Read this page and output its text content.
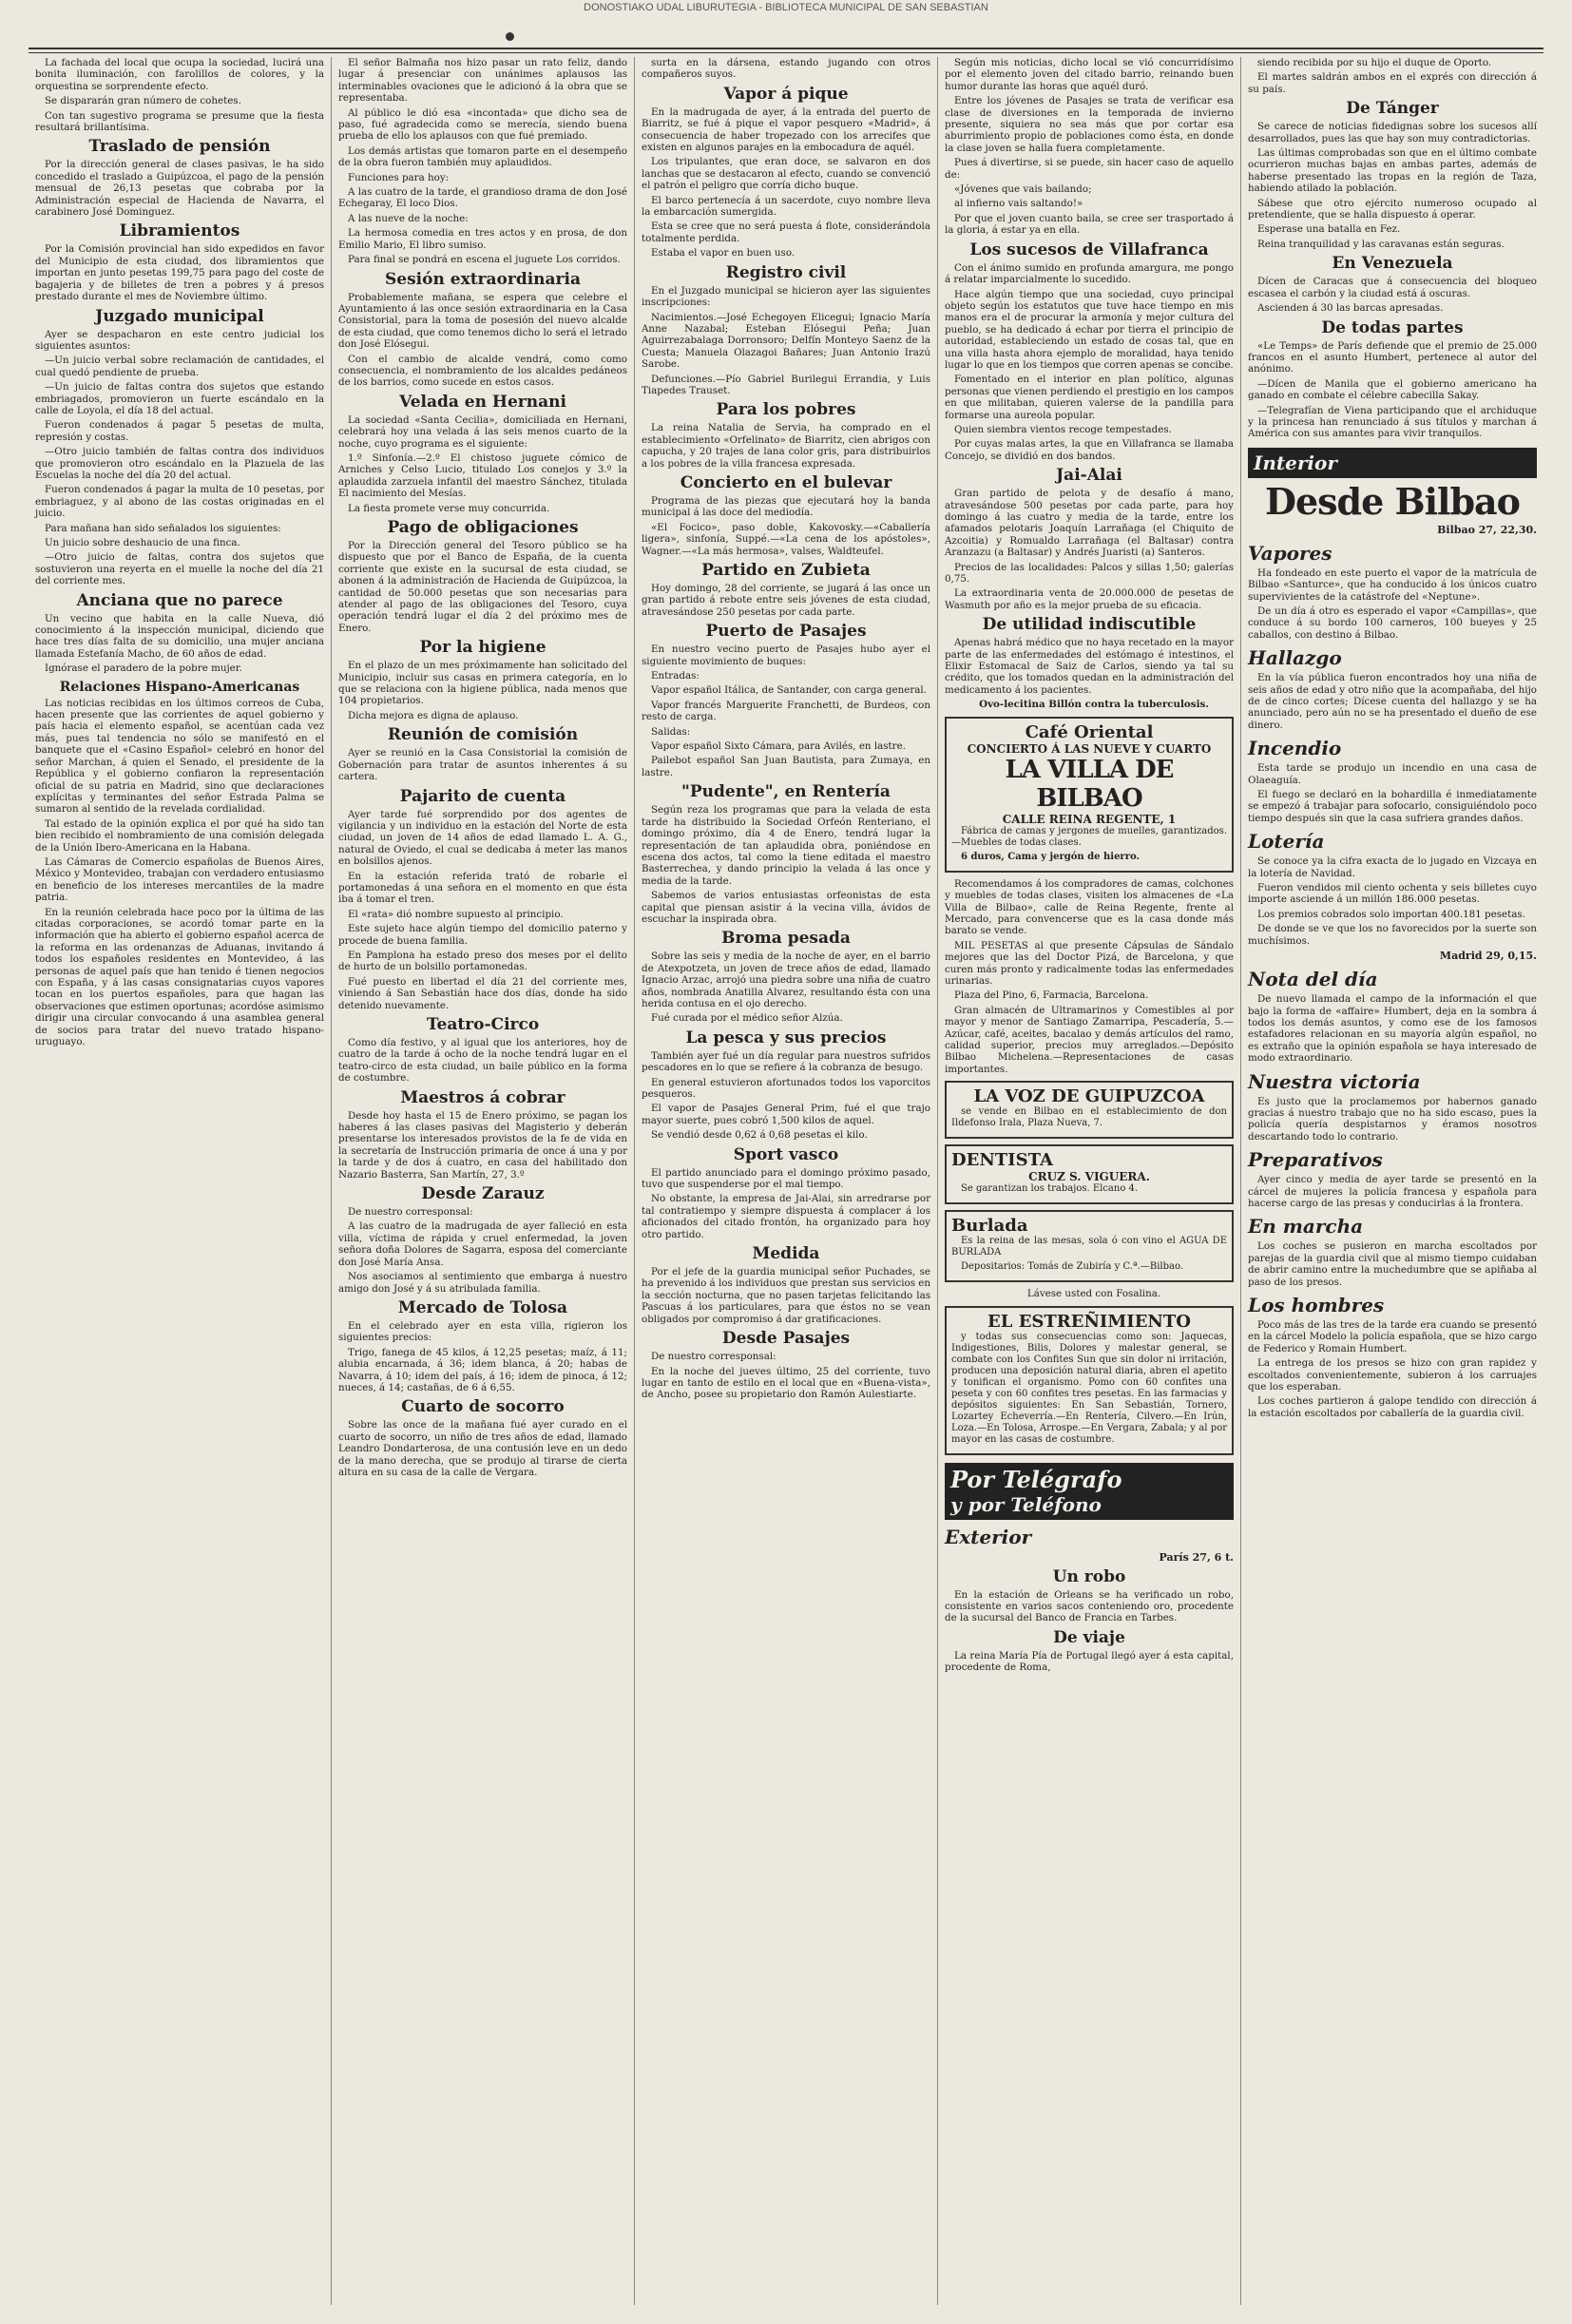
DONOSTIAKO UDAL LIBURUTEGIA - BIBLIOTECA MUNICIPAL DE SAN SEBASTIAN

La fachada del local que ocupa la sociedad, lucirá una bonita iluminación, con farolillos de colores, y la orquestina se sorprendente efecto.

Se dispararán gran número de cohetes.

Con tan sugestivo programa se presume que la fiesta resultará brillantísima.

Traslado de pensión

Por la dirección general de clases pasivas, le ha sido concedido el traslado a Guipúzcoa, el pago de la pensión mensual de 26,13 pesetas que cobraba por la Administración especial de Hacienda de Navarra, el carabinero José Dominguez.

Libramientos

Por la Comisión provincial han sido expedidos en favor del Municipio de esta ciudad, dos libramientos que importan en junto pesetas 199,75 para pago del coste de bagajeria y de billetes de tren a pobres y á presos prestado durante el mes de Noviembre último.

Juzgado municipal

Ayer se despacharon en este centro judicial los siguientes asuntos:

—Un juicio verbal sobre reclamación de cantidades, el cual quedó pendiente de prueba.

—Un juicio de faltas contra dos sujetos que estando embriagados, promovieron un fuerte escándalo en la calle de Loyola, el día 18 del actual.

Fueron condenados á pagar 5 pesetas de multa, represión y costas.

—Otro juicio también de faltas contra dos individuos que promovieron otro escándalo en la Plazuela de las Escuelas la noche del día 20 del actual.

Fueron condenados á pagar la multa de 10 pesetas, por embriaguez, y al abono de las costas originadas en el juicio.

Para mañana han sido señalados los siguientes:

Un juicio sobre deshaucio de una finca.

—Otro juicio de faltas, contra dos sujetos que sostuvieron una reyerta en el muelle la noche del día 21 del corriente mes.

Anciana que no parece

Un vecino que habita en la calle Nueva, dió conocimiento á la inspección municipal, diciendo que hace tres días falta de su domicilio, una mujer anciana llamada Estefanía Macho, de 60 años de edad.

Ignórase el paradero de la pobre mujer.

Relaciones Hispano-Americanas

Las noticias recibidas en los últimos correos de Cuba, hacen presente que las corrientes de aquel gobierno y país hacia el elemento español, se acentúan cada vez más, pues tal tendencia no sólo se manifestó en el banquete que el «Casino Español» celebró en honor del señor Marchan, á quien el Senado, el presidente de la República y el gobierno confiaron la representación oficial de su patria en Madrid, sino que declaraciones explícitas y terminantes del señor Estrada Palma se sumaron al sentido de la revelada cordialidad.

Tal estado de la opinión explica el por qué ha sido tan bien recibido el nombramiento de una comisión delegada de la Unión Ibero-Americana en la Habana.

Las Cámaras de Comercio españolas de Buenos Aires, México y Montevideo, trabajan con verdadero entusiasmo en beneficio de los intereses mercantiles de la madre patria.

En la reunión celebrada hace poco por la última de las citadas corporaciones, se acordó tomar parte en la información que ha abierto el gobierno español acerca de la reforma en las ordenanzas de Aduanas, invitando á todos los españoles residentes en Montevideo, á las personas de aquel país que han tenido é tienen negocios con España, y á las casas consignatarias cuyos vapores tocan en los puertos españoles, para que hagan las observaciones que estimen oportunas; acordóse asimismo dirigir una circular convocando á una asamblea general de socios para tratar del nuevo tratado hispano-uruguayo.

El señor Balmaña nos hizo pasar un rato feliz, dando lugar á presenciar con unánimes aplausos las interminables ovaciones que le adicionó á la obra que se representaba.

Al público le dió esa «incontada» que dicho sea de paso, fué agradecida como se merecía, siendo buena prueba de ello los aplausos con que fué premiado.

Los demás artistas que tomaron parte en el desempeño de la obra fueron también muy aplaudidos.

Funciones para hoy:

A las cuatro de la tarde, el grandioso drama de don José Echegaray, El loco Dios.

A las nueve de la noche:

La hermosa comedia en tres actos y en prosa, de don Emilio Mario, El libro sumiso.

Para final se pondrá en escena el juguete Los corridos.

Sesión extraordinaria

Probablemente mañana, se espera que celebre el Ayuntamiento á las once sesión extraordinaria en la Casa Consistorial, para la toma de posesión del nuevo alcalde de esta ciudad, que como tenemos dicho lo será el letrado don José Elósegui.

Con el cambio de alcalde vendrá, como como consecuencia, el nombramiento de los alcaldes pedáneos de los barrios, como sucede en estos casos.

Velada en Hernani

La sociedad «Santa Cecilia», domiciliada en Hernani, celebrará hoy una velada á las seis menos cuarto de la noche, cuyo programa es el siguiente:

1.º Sinfonía.—2.º El chistoso juguete cómico de Arniches y Celso Lucio, titulado Los conejos y 3.º la aplaudida zarzuela infantil del maestro Sánchez, titulada El nacimiento del Mesías.

La fiesta promete verse muy concurrida.

Pago de obligaciones

Por la Dirección general del Tesoro público se ha dispuesto que por el Banco de España, de la cuenta corriente que existe en la sucursal de esta ciudad, se abonen á la administración de Hacienda de Guipúzcoa, la cantidad de 50.000 pesetas que son necesarias para atender al pago de las obligaciones del Tesoro, cuya operación tendrá lugar el día 2 del próximo mes de Enero.

Por la higiene

En el plazo de un mes próximamente han solicitado del Municipio, incluir sus casas en primera categoría, en lo que se relaciona con la higiene pública, nada menos que 104 propietarios.

Dicha mejora es digna de aplauso.

Reunión de comisión

Ayer se reunió en la Casa Consistorial la comisión de Gobernación para tratar de asuntos inherentes á su cartera.

Pajarito de cuenta

Ayer tarde fué sorprendido por dos agentes de vigilancia y un individuo en la estación del Norte de esta ciudad, un joven de 14 años de edad llamado L. A. G., natural de Oviedo, el cual se dedicaba á meter las manos en bolsillos ajenos.

En la estación referida trató de robarle el portamonedas á una señora en el momento en que ésta iba á tomar el tren.

El «rata» dió nombre supuesto al principio.

Este sujeto hace algún tiempo del domicilio paterno y procede de buena familia.

En Pamplona ha estado preso dos meses por el delito de hurto de un bolsillo portamonedas.

Fué puesto en libertad el día 21 del corriente mes, viniendo á San Sebastián hace dos días, donde ha sido detenido nuevamente.

Teatro-Circo

Como día festivo, y al igual que los anteriores, hoy de cuatro de la tarde á ocho de la noche tendrá lugar en el teatro-circo de esta ciudad, un baile público en la forma de costumbre.

Maestros á cobrar

Desde hoy hasta el 15 de Enero próximo, se pagan los haberes á las clases pasivas del Magisterio y deberán presentarse los interesados provistos de la fe de vida en la secretaría de Instrucción primaria de once á una y por la tarde y de dos á cuatro, en casa del habilitado don Nazario Basterra, San Martín, 27, 3.º

Desde Zarauz

De nuestro corresponsal:

A las cuatro de la madrugada de ayer falleció en esta villa, víctima de rápida y cruel enfermedad, la joven señora doña Dolores de Sagarra, esposa del comerciante don José María Ansa.

Nos asociamos al sentimiento que embarga á nuestro amigo don José y á su atribulada familia.

Mercado de Tolosa

En el celebrado ayer en esta villa, rigieron los siguientes precios:

Trigo, fanega de 45 kilos, á 12,25 pesetas; maíz, á 11; alubia encarnada, á 36; idem blanca, á 20; habas de Navarra, á 10; idem del país, á 16; idem de pinoca, á 12; nueces, á 14; castañas, de 6 á 6,55.

Cuarto de socorro

Sobre las once de la mañana fué ayer curado en el cuarto de socorro, un niño de tres años de edad, llamado Leandro Dondarterosa, de una contusión leve en un dedo de la mano derecha, que se produjo al tirarse de cierta altura en su casa de la calle de Vergara.

surta en la dársena, estando jugando con otros compañeros suyos.

Vapor á pique

En la madrugada de ayer, á la entrada del puerto de Biarritz, se fué á pique el vapor pesquero «Madrid», á consecuencia de haber tropezado con los arrecifes que existen en algunos parajes en la embocadura de aquél.

Los tripulantes, que eran doce, se salvaron en dos lanchas que se destacaron al efecto, cuando se convenció el patrón el peligro que corría dicho buque.

El barco pertenecía á un sacerdote, cuyo nombre lleva la embarcación sumergida.

Esta se cree que no será puesta á flote, considerándola totalmente perdida.

Estaba el vapor en buen uso.

Registro civil

En el Juzgado municipal se hicieron ayer las siguientes inscripciones:

Nacimientos.—José Echegoyen Elicegui; Ignacio María Anne Nazabal; Esteban Elósegui Peña; Juan Aguirrezabalaga Dorronsoro; Delfín Monteyo Saenz de la Cuesta; Manuela Olazagoi Bañares; Juan Antonio Irazú Sarobe.

Defunciones.—Pío Gabriel Burilegui Errandia, y Luis Tiapedes Trauset.

Para los pobres

La reina Natalia de Servia, ha comprado en el establecimiento «Orfelinato» de Biarritz, cien abrigos con capucha, y 20 trajes de lana color gris, para distribuirlos a los pobres de la villa francesa expresada.

Concierto en el bulevar

Programa de las piezas que ejecutará hoy la banda municipal á las doce del mediodía.

«El Focico», paso doble, Kakovosky.—«Caballería ligera», sinfonía, Suppé.—«La cena de los apóstoles», Wagner.—«La más hermosa», valses, Waldteufel.

Partido en Zubieta

Hoy domingo, 28 del corriente, se jugará á las once un gran partido á rebote entre seis jóvenes de esta ciudad, atravesándose 250 pesetas por cada parte.

Puerto de Pasajes

En nuestro vecino puerto de Pasajes hubo ayer el siguiente movimiento de buques:

Entradas:

Vapor español Itálica, de Santander, con carga general.

Vapor francés Marguerite Franchetti, de Burdeos, con resto de carga.

Salidas:

Vapor español Sixto Cámara, para Avilés, en lastre.

Pailebot español San Juan Bautista, para Zumaya, en lastre.

"Pudente", en Rentería

Según reza los programas que para la velada de esta tarde ha distribuido la Sociedad Orfeón Renteriano, el domingo próximo, día 4 de Enero, tendrá lugar la representación de tan aplaudida obra, poniéndose en escena dos actos, tal como la tiene editada el maestro Basterrechea, y dando principio la velada á las once y media de la tarde.

Sabemos de varios entusiastas orfeonistas de esta capital que piensan asistir á la vecina villa, ávidos de escuchar la inspirada obra.

Broma pesada

Sobre las seis y media de la noche de ayer, en el barrio de Atexpotzeta, un joven de trece años de edad, llamado Ignacio Arzac, arrojó una piedra sobre una niña de cuatro años, nombrada Anatilla Alvarez, resultando ésta con una herida contusa en el ojo derecho.

Fué curada por el médico señor Alzúa.

La pesca y sus precios

También ayer fué un día regular para nuestros sufridos pescadores en lo que se refiere á la cobranza de besugo.

En general estuvieron afortunados todos los vaporcitos pesqueros.

El vapor de Pasajes General Prim, fué el que trajo mayor suerte, pues cobró 1,500 kilos de aquel.

Se vendió desde 0,62 á 0,68 pesetas el kilo.

Sport vasco

El partido anunciado para el domingo próximo pasado, tuvo que suspenderse por el mal tiempo.

No obstante, la empresa de Jai-Alai, sin arredrarse por tal contratiempo y siempre dispuesta á complacer á los aficionados del citado frontón, ha organizado para hoy otro partido.

Medida

Por el jefe de la guardia municipal señor Puchades, se ha prevenido á los individuos que prestan sus servicios en la sección nocturna, que no pasen tarjetas felicitando las Pascuas á los particulares, para que éstos no se vean obligados por compromiso á dar gratificaciones.

Desde Pasajes

De nuestro corresponsal:

En la noche del jueves último, 25 del corriente, tuvo lugar en tanto de estilo en el local que en «Buena-vista», de Ancho, posee su propietario don Ramón Aulestiarte.

Según mis noticias, dicho local se vió concurridísimo por el elemento joven del citado barrio, reinando buen humor durante las horas que aquél duró.

Entre los jóvenes de Pasajes se trata de verificar esa clase de diversiones en la temporada de invierno presente, siquiera no sea más que por cortar esa aburrimiento propio de poblaciones como ésta, en donde la clase joven se halla fuera completamente.

Pues á divertirse, si se puede, sin hacer caso de aquello de:

«Jóvenes que vais bailando;

al infierno vais saltando!»

Por que el joven cuanto baila, se cree ser trasportado á la gloria, á estar ya en ella.

Los sucesos de Villafranca

Con el ánimo sumido en profunda amargura, me pongo á relatar imparcialmente lo sucedido.

Hace algún tiempo que una sociedad, cuyo principal objeto según los estatutos que tuve hace tiempo en mis manos era el de procurar la armonía y mejor cultura del pueblo, se ha dedicado á echar por tierra el principio de autoridad, estableciendo un estado de cosas tal, que en una villa hasta ahora ejemplo de moralidad, haya tenido lugar lo que en los tiempos que corren apenas se concibe.

Fomentado en el interior en plan político, algunas personas que vienen perdiendo el prestigio en los campos en que militaban, quieren valerse de la pandilla para formarse una aureola popular.

Quien siembra vientos recoge tempestades.

Por cuyas malas artes, la que en Villafranca se llamaba Concejo, se dividió en dos bandos.

Jai-Alai

Gran partido de pelota y de desafío á mano, atravesándose 500 pesetas por cada parte, para hoy domingo á las cuatro y media de la tarde, entre los afamados pelotaris Joaquín Larrañaga (el Chiquito de Azcoitia) y Romualdo Larrañaga (el Baltasar) contra Aranzazu (a Baltasar) y Andrés Juaristi (a) Santeros.

Precios de las localidades: Palcos y sillas 1,50; galerías 0,75.

La extraordinaria venta de 20.000.000 de pesetas de Wasmuth por año es la mejor prueba de su eficacia.

De utilidad indiscutible

Apenas habrá médico que no haya recetado en la mayor parte de las enfermedades del estómago é intestinos, el Elixir Estomacal de Saiz de Carlos, siendo ya tal su crédito, que los tomados quedan en la administración del medicamento á los pacientes.

Ovo-lecitina Billón contra la tuberculosis.

Café Oriental
CONCIERTO Á LAS NUEVE Y CUARTO
LA VILLA DE BILBAO
CALLE REINA REGENTE, 1

Fábrica de camas y jergones de muelles, garantizados.—Muebles de todas clases.

6 duros, Cama y jergón de hierro.

Recomendamos á los compradores de camas, colchones y muebles de todas clases, visiten los almacenes de «La Villa de Bilbao», calle de Reina Regente, frente al Mercado, para convencerse que es la casa donde más barato se vende.

MIL PESETAS al que presente Cápsulas de Sándalo mejores que las del Doctor Pizá, de Barcelona, y que curen más pronto y radicalmente todas las enfermedades urinarias.

Plaza del Pino, 6, Farmacia, Barcelona.

Gran almacén de Ultramarinos y Comestibles al por mayor y menor de Santiago Zamarripa, Pescadería, 5.—Azúcar, café, aceites, bacalao y demás artículos del ramo, calidad superior, precios muy arreglados.—Depósito Bilbao Michelena.—Representaciones de casas importantes.

LA VOZ DE GUIPUZCOA

se vende en Bilbao en el establecimiento de don Ildefonso Irala, Plaza Nueva, 7.

DENTISTA
CRUZ S. VIGUERA.

Se garantizan los trabajos. Elcano 4.

Burlada

Es la reina de las mesas, sola ó con vino el AGUA DE BURLADA

Depositarios: Tomás de Zubiría y C.ª.—Bilbao.

Lávese usted con Fosalina.

EL ESTREÑIMIENTO

y todas sus consecuencias como son: Jaquecas, Indigestiones, Bilis, Dolores y malestar general, se combate con los Confites Sun que sin dolor ni irritación, producen una deposición natural diaria, abren el apetito y tonifican el organismo. Pomo con 60 confites una peseta y con 60 confites tres pesetas. En las farmacias y depósitos siguientes: En San Sebastián, Tornero, Lozartey Echeverría.—En Rentería, Cilvero.—En Irún, Loza.—En Tolosa, Arrospe.—En Vergara, Zabala; y al por mayor en las casas de costumbre.

Por Telégrafo
y por Teléfono
Exterior
París 27, 6 t.
Un robo

En la estación de Orleans se ha verificado un robo, consistente en varios sacos conteniendo oro, procedente de la sucursal del Banco de Francia en Tarbes.

De viaje

La reina María Pía de Portugal llegó ayer á esta capital, procedente de Roma,

siendo recibida por su hijo el duque de Oporto.

El martes saldrán ambos en el exprés con dirección á su país.

De Tánger

Se carece de noticias fidedignas sobre los sucesos allí desarrollados, pues las que hay son muy contradictorias.

Las últimas comprobadas son que en el último combate ocurrieron muchas bajas en ambas partes, además de haberse presentado las tropas en la región de Taza, habiendo atilado la población.

Sábese que otro ejército numeroso ocupado al pretendiente, que se halla dispuesto á operar.

Esperase una batalla en Fez.

Reina tranquilidad y las caravanas están seguras.

En Venezuela

Dícen de Caracas que á consecuencia del bloqueo escasea el carbón y la ciudad está á oscuras.

Ascienden á 30 las barcas apresadas.

De todas partes

«Le Temps» de París defiende que el premio de 25.000 francos en el asunto Humbert, pertenece al autor del anónimo.

—Dícen de Manila que el gobierno americano ha ganado en combate el célebre cabecilla Sakay.

—Telegrafían de Viena participando que el archiduque y la princesa han renunciado á sus títulos y marchan á América con sus amantes para vivir tranquilos.

Interior
Desde Bilbao
Bilbao 27, 22,30.
Vapores

Ha fondeado en este puerto el vapor de la matrícula de Bilbao «Santurce», que ha conducido á los únicos cuatro supervivientes de la catástrofe del «Neptune».

De un día á otro es esperado el vapor «Campillas», que conduce á su bordo 100 carneros, 100 bueyes y 25 caballos, con destino á Bilbao.

Hallazgo

En la vía pública fueron encontrados hoy una niña de seis años de edad y otro niño que la acompañaba, del hijo de de cinco cortes; Dícese cuenta del hallazgo y se ha anunciado, pero aún no se ha presentado el dueño de ese dinero.

Incendio

Esta tarde se produjo un incendio en una casa de Olaeaguía.

El fuego se declaró en la bohardilla é inmediatamente se empezó á trabajar para sofocarlo, consiguiéndolo poco tiempo después sin que la casa sufriera grandes daños.

Lotería

Se conoce ya la cifra exacta de lo jugado en Vizcaya en la lotería de Navidad.

Fueron vendidos mil ciento ochenta y seis billetes cuyo importe asciende á un millón 186.000 pesetas.

Los premios cobrados solo importan 400.181 pesetas.

De donde se ve que los no favorecidos por la suerte son muchísimos.

Madrid 29, 0,15.
Nota del día

De nuevo llamada el campo de la información el que bajo la forma de «affaire» Humbert, deja en la sombra á todos los demás asuntos, y como ese de los famosos estafadores relacionan en su mayoría algún español, no es extraño que la opinión española se haya interesado de modo extraordinario.

Nuestra victoria

Es justo que la proclamemos por habernos ganado gracias á nuestro trabajo que no ha sido escaso, pues la policía quería despistarnos y éramos nosotros descartando todo lo contrario.

Preparativos

Ayer cinco y media de ayer tarde se presentó en la cárcel de mujeres la policía francesa y española para hacerse cargo de las presas y conducirlas á la frontera.

En marcha

Los coches se pusieron en marcha escoltados por parejas de la guardia civil que al mismo tiempo cuidaban de abrir camino entre la muchedumbre que se apiñaba al paso de los presos.

Los hombres

Poco más de las tres de la tarde era cuando se presentó en la cárcel Modelo la policía española, que se hizo cargo de Federico y Romain Humbert.

La entrega de los presos se hizo con gran rapidez y escoltados convenientemente, subieron á los carruajes que los esperaban.

Los coches partieron á galope tendido con dirección á la estación escoltados por caballería de la guardia civil.
